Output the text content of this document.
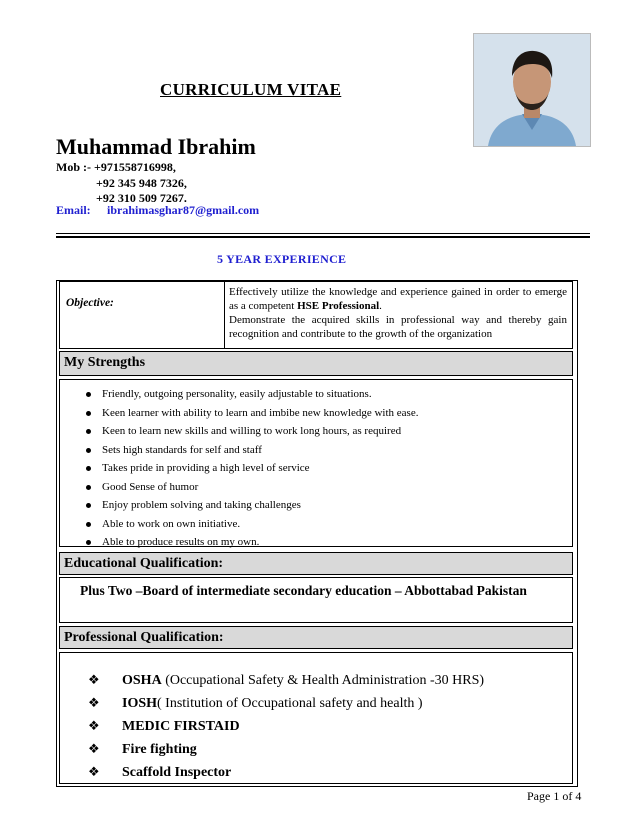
CURRICULUM VITAE
Muhammad Ibrahim
Mob :- +971558716998,
+92 345 948 7326,
+92 310 509 7267.
Email: ibrahimasghar87@gmail.com
5 YEAR EXPERIENCE
Objective:
Effectively utilize the knowledge and experience gained in order to emerge as a competent HSE Professional.
Demonstrate the acquired skills in professional way and thereby gain recognition and contribute to the growth of the organization
My Strengths
Friendly, outgoing personality, easily adjustable to situations.
Keen learner with ability to learn and imbibe new knowledge with ease.
Keen to learn new skills and willing to work long hours, as required
Sets high standards for self and staff
Takes pride in providing a high level of service
Good Sense of humor
Enjoy problem solving and taking challenges
Able to work on own initiative.
Able to produce results on my own.
Educational Qualification:
Plus Two –Board of intermediate secondary education – Abbottabad Pakistan
Professional Qualification:
❖ OSHA (Occupational Safety & Health Administration -30 HRS)
❖ IOSH( Institution of Occupational safety and health )
❖ MEDIC FIRSTAID
❖ Fire fighting
❖ Scaffold Inspector
Page 1 of 4
